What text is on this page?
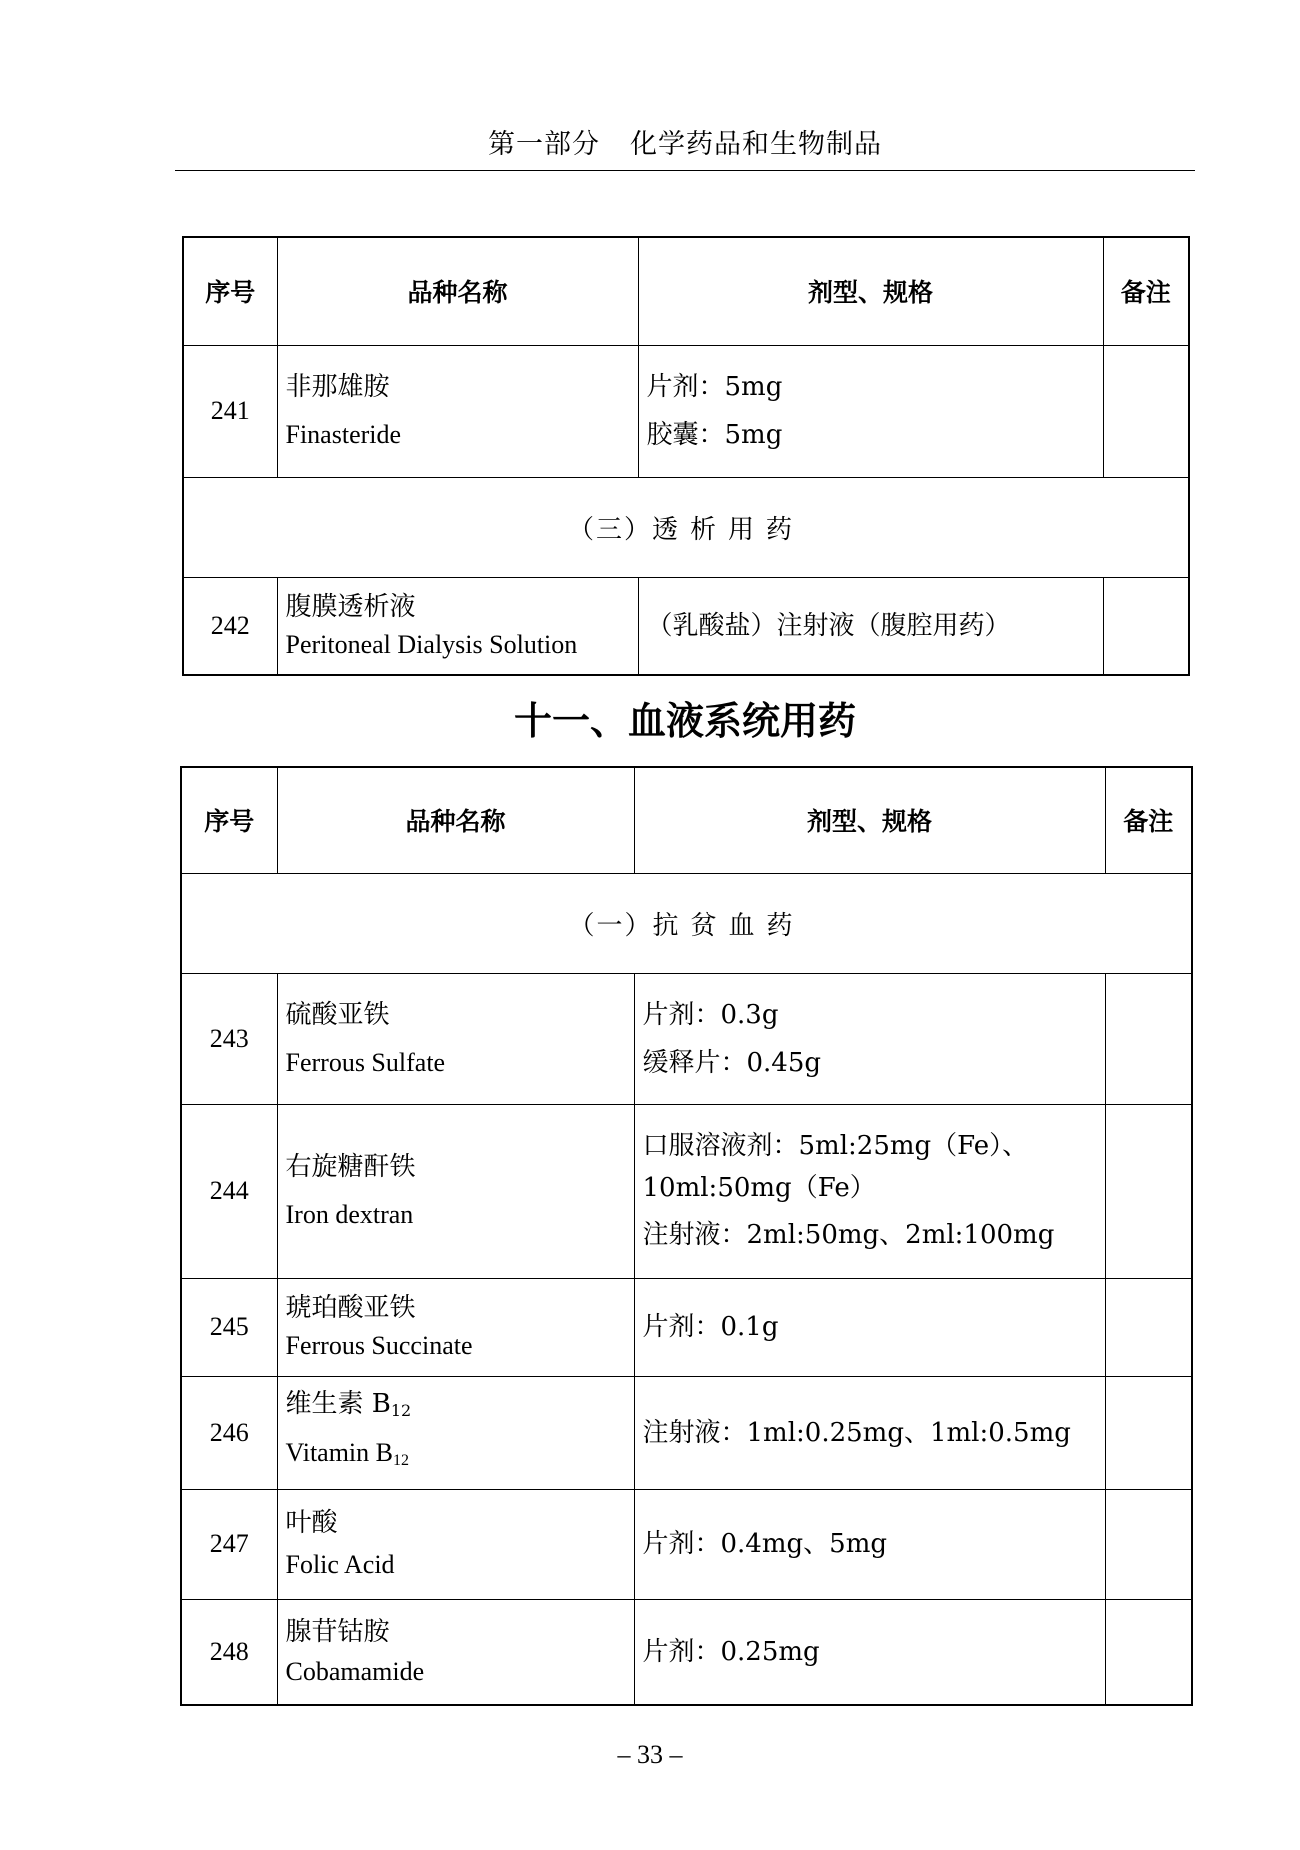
第一部分 化学药品和生物制品
序号	品种名称	剂型、规格	备注
241	非那雄胺
Finasteride	片剂：5mg
胶囊：5mg	

（三）透析用药			
242	腹膜透析液
Peritoneal Dialysis Solution	（乳酸盐）注射液（腹腔用药）	

十一、血液系统用药
序号	品种名称	剂型、规格	备注
（一）抗贫血药			
243	硫酸亚铁
Ferrous Sulfate	片剂：0.3g
缓释片：0.45g	

244	右旋糖酐铁
Iron dextran	口服溶液剂：5ml:25mg（Fe）、10ml:50mg（Fe）
注射液：2ml:50mg、2ml:100mg	

245	琥珀酸亚铁
Ferrous Succinate	片剂：0.1g	

246	维生素 $B_{12}$
Vitamin $B_{12}$	注射液：1ml:0.25mg、1ml:0.5mg	

247	叶酸
Folic Acid	片剂：0.4mg、5mg	

248	腺苷钴胺
Cobamamide	片剂：0.25mg	

– 33 –
